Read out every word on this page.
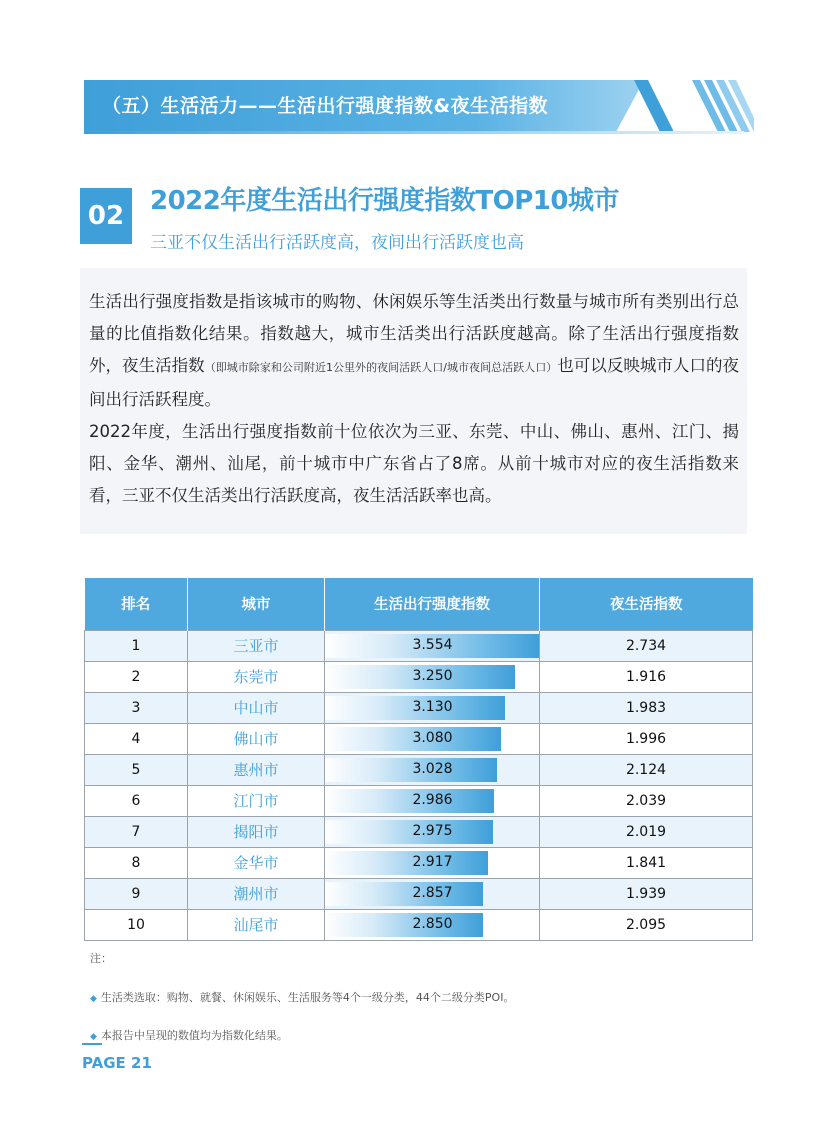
（五）生活活力——生活出行强度指数&夜生活指数
02 2022年度生活出行强度指数TOP10城市
三亚不仅生活出行活跃度高，夜间出行活跃度也高

生活出行强度指数是指该城市的购物、休闲娱乐等生活类出行数量与城市所有类别出行总量的比值指数化结果。指数越大，城市生活类出行活跃度越高。除了生活出行强度指数外，夜生活指数（即城市除家和公司附近1公里外的夜间活跃人口/城市夜间总活跃人口）也可以反映城市人口的夜间出行活跃程度。

2022年度，生活出行强度指数前十位依次为三亚、东莞、中山、佛山、惠州、江门、揭阳、金华、潮州、汕尾，前十城市中广东省占了8席。从前十城市对应的夜生活指数来看，三亚不仅生活类出行活跃度高，夜生活活跃率也高。

排名	城市	生活出行强度指数	夜生活指数
1	三亚市	3.554	2.734
2	东莞市	3.250	1.916
3	中山市	3.130	1.983
4	佛山市	3.080	1.996
5	惠州市	3.028	2.124
6	江门市	2.986	2.039
7	揭阳市	2.975	2.019
8	金华市	2.917	1.841
9	潮州市	2.857	1.939
10	汕尾市	2.850	2.095
注：
◆ 生活类选取：购物、就餐、休闲娱乐、生活服务等4个一级分类，44个二级分类POI。
◆ 本报告中呈现的数值均为指数化结果。
PAGE 21
